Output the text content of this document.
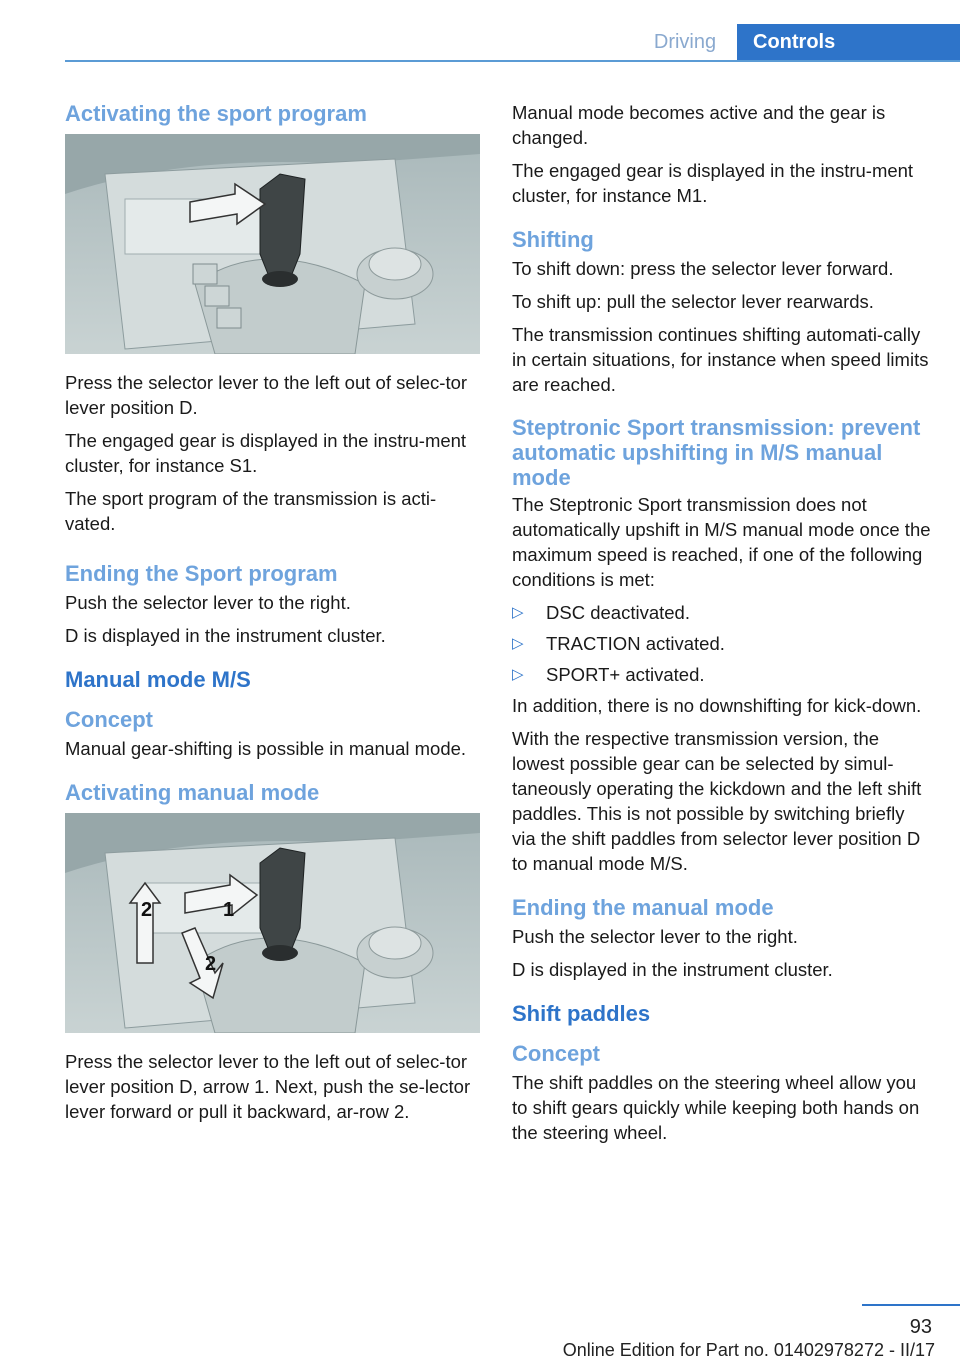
Driving	Controls
Activating the sport program

Press the selector lever to the left out of selec‐tor lever position D.

The engaged gear is displayed in the instru‐ment cluster, for instance S1.

The sport program of the transmission is acti‐vated.

Ending the Sport program

Push the selector lever to the right.

D is displayed in the instrument cluster.

Manual mode M/S
Concept

Manual gear-shifting is possible in manual mode.

Activating manual mode
1
2
2

Press the selector lever to the left out of selec‐tor lever position D, arrow 1. Next, push the se‐lector lever forward or pull it backward, ar‐row 2.

Manual mode becomes active and the gear is changed.

The engaged gear is displayed in the instru‐ment cluster, for instance M1.

Shifting

To shift down: press the selector lever forward.

To shift up: pull the selector lever rearwards.

The transmission continues shifting automati‐cally in certain situations, for instance when speed limits are reached.

Steptronic Sport transmission: prevent automatic upshifting in M/S manual mode

The Steptronic Sport transmission does not automatically upshift in M/S manual mode once the maximum speed is reached, if one of the following conditions is met:

▷ DSC deactivated.
▷ TRACTION activated.
▷ SPORT+ activated.

In addition, there is no downshifting for kick‐down.

With the respective transmission version, the lowest possible gear can be selected by simul‐taneously operating the kickdown and the left shift paddles. This is not possible by switching briefly via the shift paddles from selector lever position D to manual mode M/S.

Ending the manual mode

Push the selector lever to the right.

D is displayed in the instrument cluster.

Shift paddles
Concept

The shift paddles on the steering wheel allow you to shift gears quickly while keeping both hands on the steering wheel.

93
Online Edition for Part no. 01402978272 - II/17
